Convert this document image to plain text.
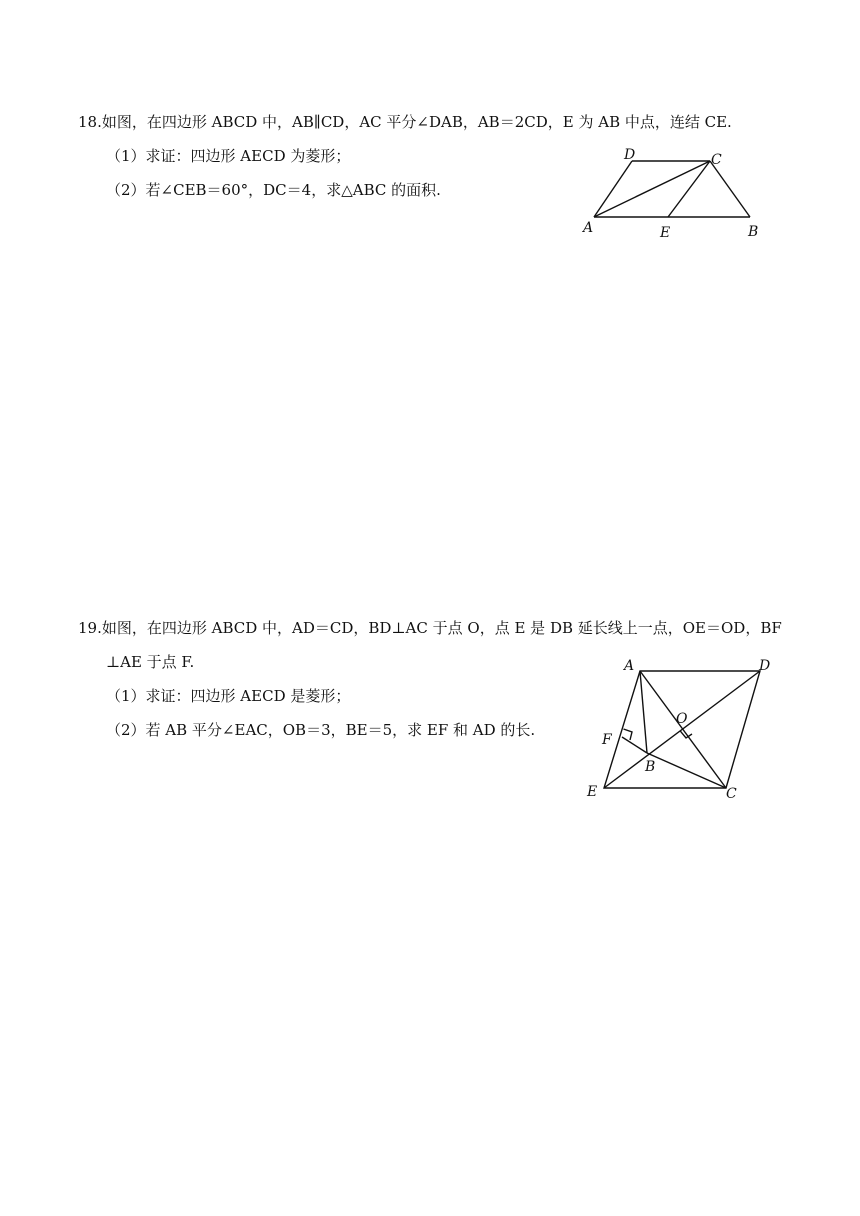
18.如图，在四边形 ABCD 中，AB∥CD，AC 平分∠DAB，AB＝2CD，E 为 AB 中点，连结 CE.
（1）求证：四边形 AECD 为菱形；
（2）若∠CEB＝60°，DC＝4，求△ABC 的面积.
D	C
A	E	B
19.如图，在四边形 ABCD 中，AD＝CD，BD⊥AC 于点 O，点 E 是 DB 延长线上一点，OE＝OD，BF
⊥AE 于点 F.
（1）求证：四边形 AECD 是菱形；
（2）若 AB 平分∠EAC，OB＝3，BE＝5，求 EF 和 AD 的长.
A	D
O
F
B
E	C
